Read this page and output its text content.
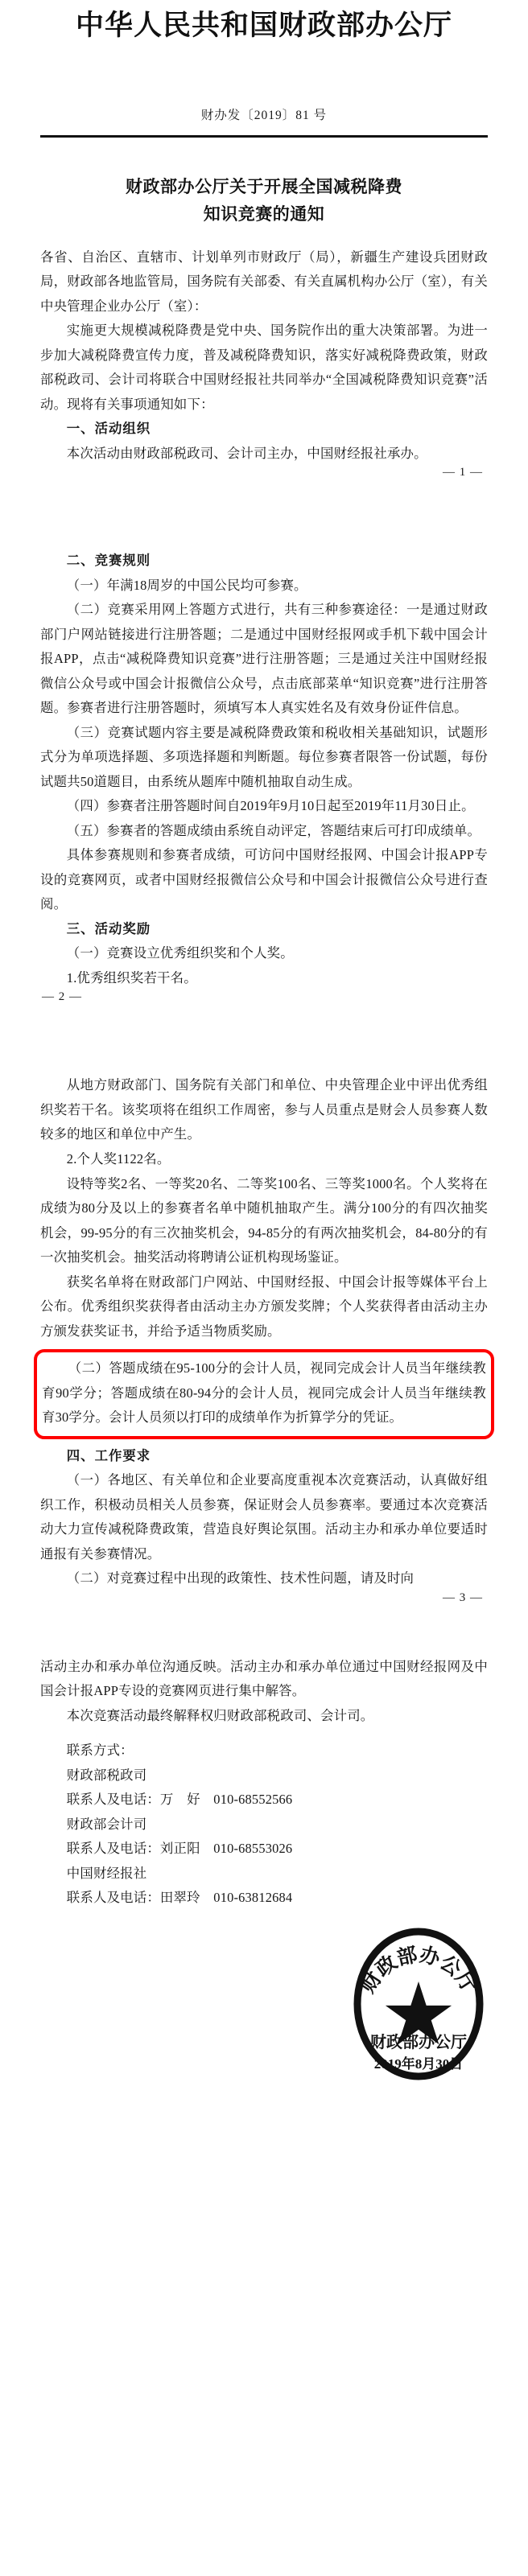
中华人民共和国财政部办公厅
财办发〔2019〕81 号
财政部办公厅关于开展全国减税降费
知识竞赛的通知

各省、自治区、直辖市、计划单列市财政厅（局），新疆生产建设兵团财政局，财政部各地监管局，国务院有关部委、有关直属机构办公厅（室），有关中央管理企业办公厅（室）：

实施更大规模减税降费是党中央、国务院作出的重大决策部署。为进一步加大减税降费宣传力度，普及减税降费知识，落实好减税降费政策，财政部税政司、会计司将联合中国财经报社共同举办“全国减税降费知识竞赛”活动。现将有关事项通知如下：

一、活动组织

本次活动由财政部税政司、会计司主办，中国财经报社承办。

— 1 —

二、竞赛规则

（一）年满18周岁的中国公民均可参赛。

（二）竞赛采用网上答题方式进行，共有三种参赛途径：一是通过财政部门户网站链接进行注册答题；二是通过中国财经报网或手机下载中国会计报APP，点击“减税降费知识竞赛”进行注册答题；三是通过关注中国财经报微信公众号或中国会计报微信公众号，点击底部菜单“知识竞赛”进行注册答题。参赛者进行注册答题时，须填写本人真实姓名及有效身份证件信息。

（三）竞赛试题内容主要是减税降费政策和税收相关基础知识，试题形式分为单项选择题、多项选择题和判断题。每位参赛者限答一份试题，每份试题共50道题目，由系统从题库中随机抽取自动生成。

（四）参赛者注册答题时间自2019年9月10日起至2019年11月30日止。

（五）参赛者的答题成绩由系统自动评定，答题结束后可打印成绩单。

具体参赛规则和参赛者成绩，可访问中国财经报网、中国会计报APP专设的竞赛网页，或者中国财经报微信公众号和中国会计报微信公众号进行查阅。

三、活动奖励

（一）竞赛设立优秀组织奖和个人奖。

1.优秀组织奖若干名。

— 2 —

从地方财政部门、国务院有关部门和单位、中央管理企业中评出优秀组织奖若干名。该奖项将在组织工作周密，参与人员重点是财会人员参赛人数较多的地区和单位中产生。

2.个人奖1122名。

设特等奖2名、一等奖20名、二等奖100名、三等奖1000名。个人奖将在成绩为80分及以上的参赛者名单中随机抽取产生。满分100分的有四次抽奖机会，99-95分的有三次抽奖机会，94-85分的有两次抽奖机会，84-80分的有一次抽奖机会。抽奖活动将聘请公证机构现场鉴证。

获奖名单将在财政部门户网站、中国财经报、中国会计报等媒体平台上公布。优秀组织奖获得者由活动主办方颁发奖牌；个人奖获得者由活动主办方颁发获奖证书，并给予适当物质奖励。

（二）答题成绩在95-100分的会计人员，视同完成会计人员当年继续教育90学分；答题成绩在80-94分的会计人员，视同完成会计人员当年继续教育30学分。会计人员须以打印的成绩单作为折算学分的凭证。

四、工作要求

（一）各地区、有关单位和企业要高度重视本次竞赛活动，认真做好组织工作，积极动员相关人员参赛，保证财会人员参赛率。要通过本次竞赛活动大力宣传减税降费政策，营造良好舆论氛围。活动主办和承办单位要适时通报有关参赛情况。

（二）对竞赛过程中出现的政策性、技术性问题，请及时向

— 3 —

活动主办和承办单位沟通反映。活动主办和承办单位通过中国财经报网及中国会计报APP专设的竞赛网页进行集中解答。

本次竞赛活动最终解释权归财政部税政司、会计司。

联系方式：

财政部税政司

联系人及电话：万　好　010-68552566

财政部会计司

联系人及电话：刘正阳　010-68553026

中国财经报社

联系人及电话：田翠玲　010-63812684

财政部办公厅
财政部办公厅
2019年8月30日
